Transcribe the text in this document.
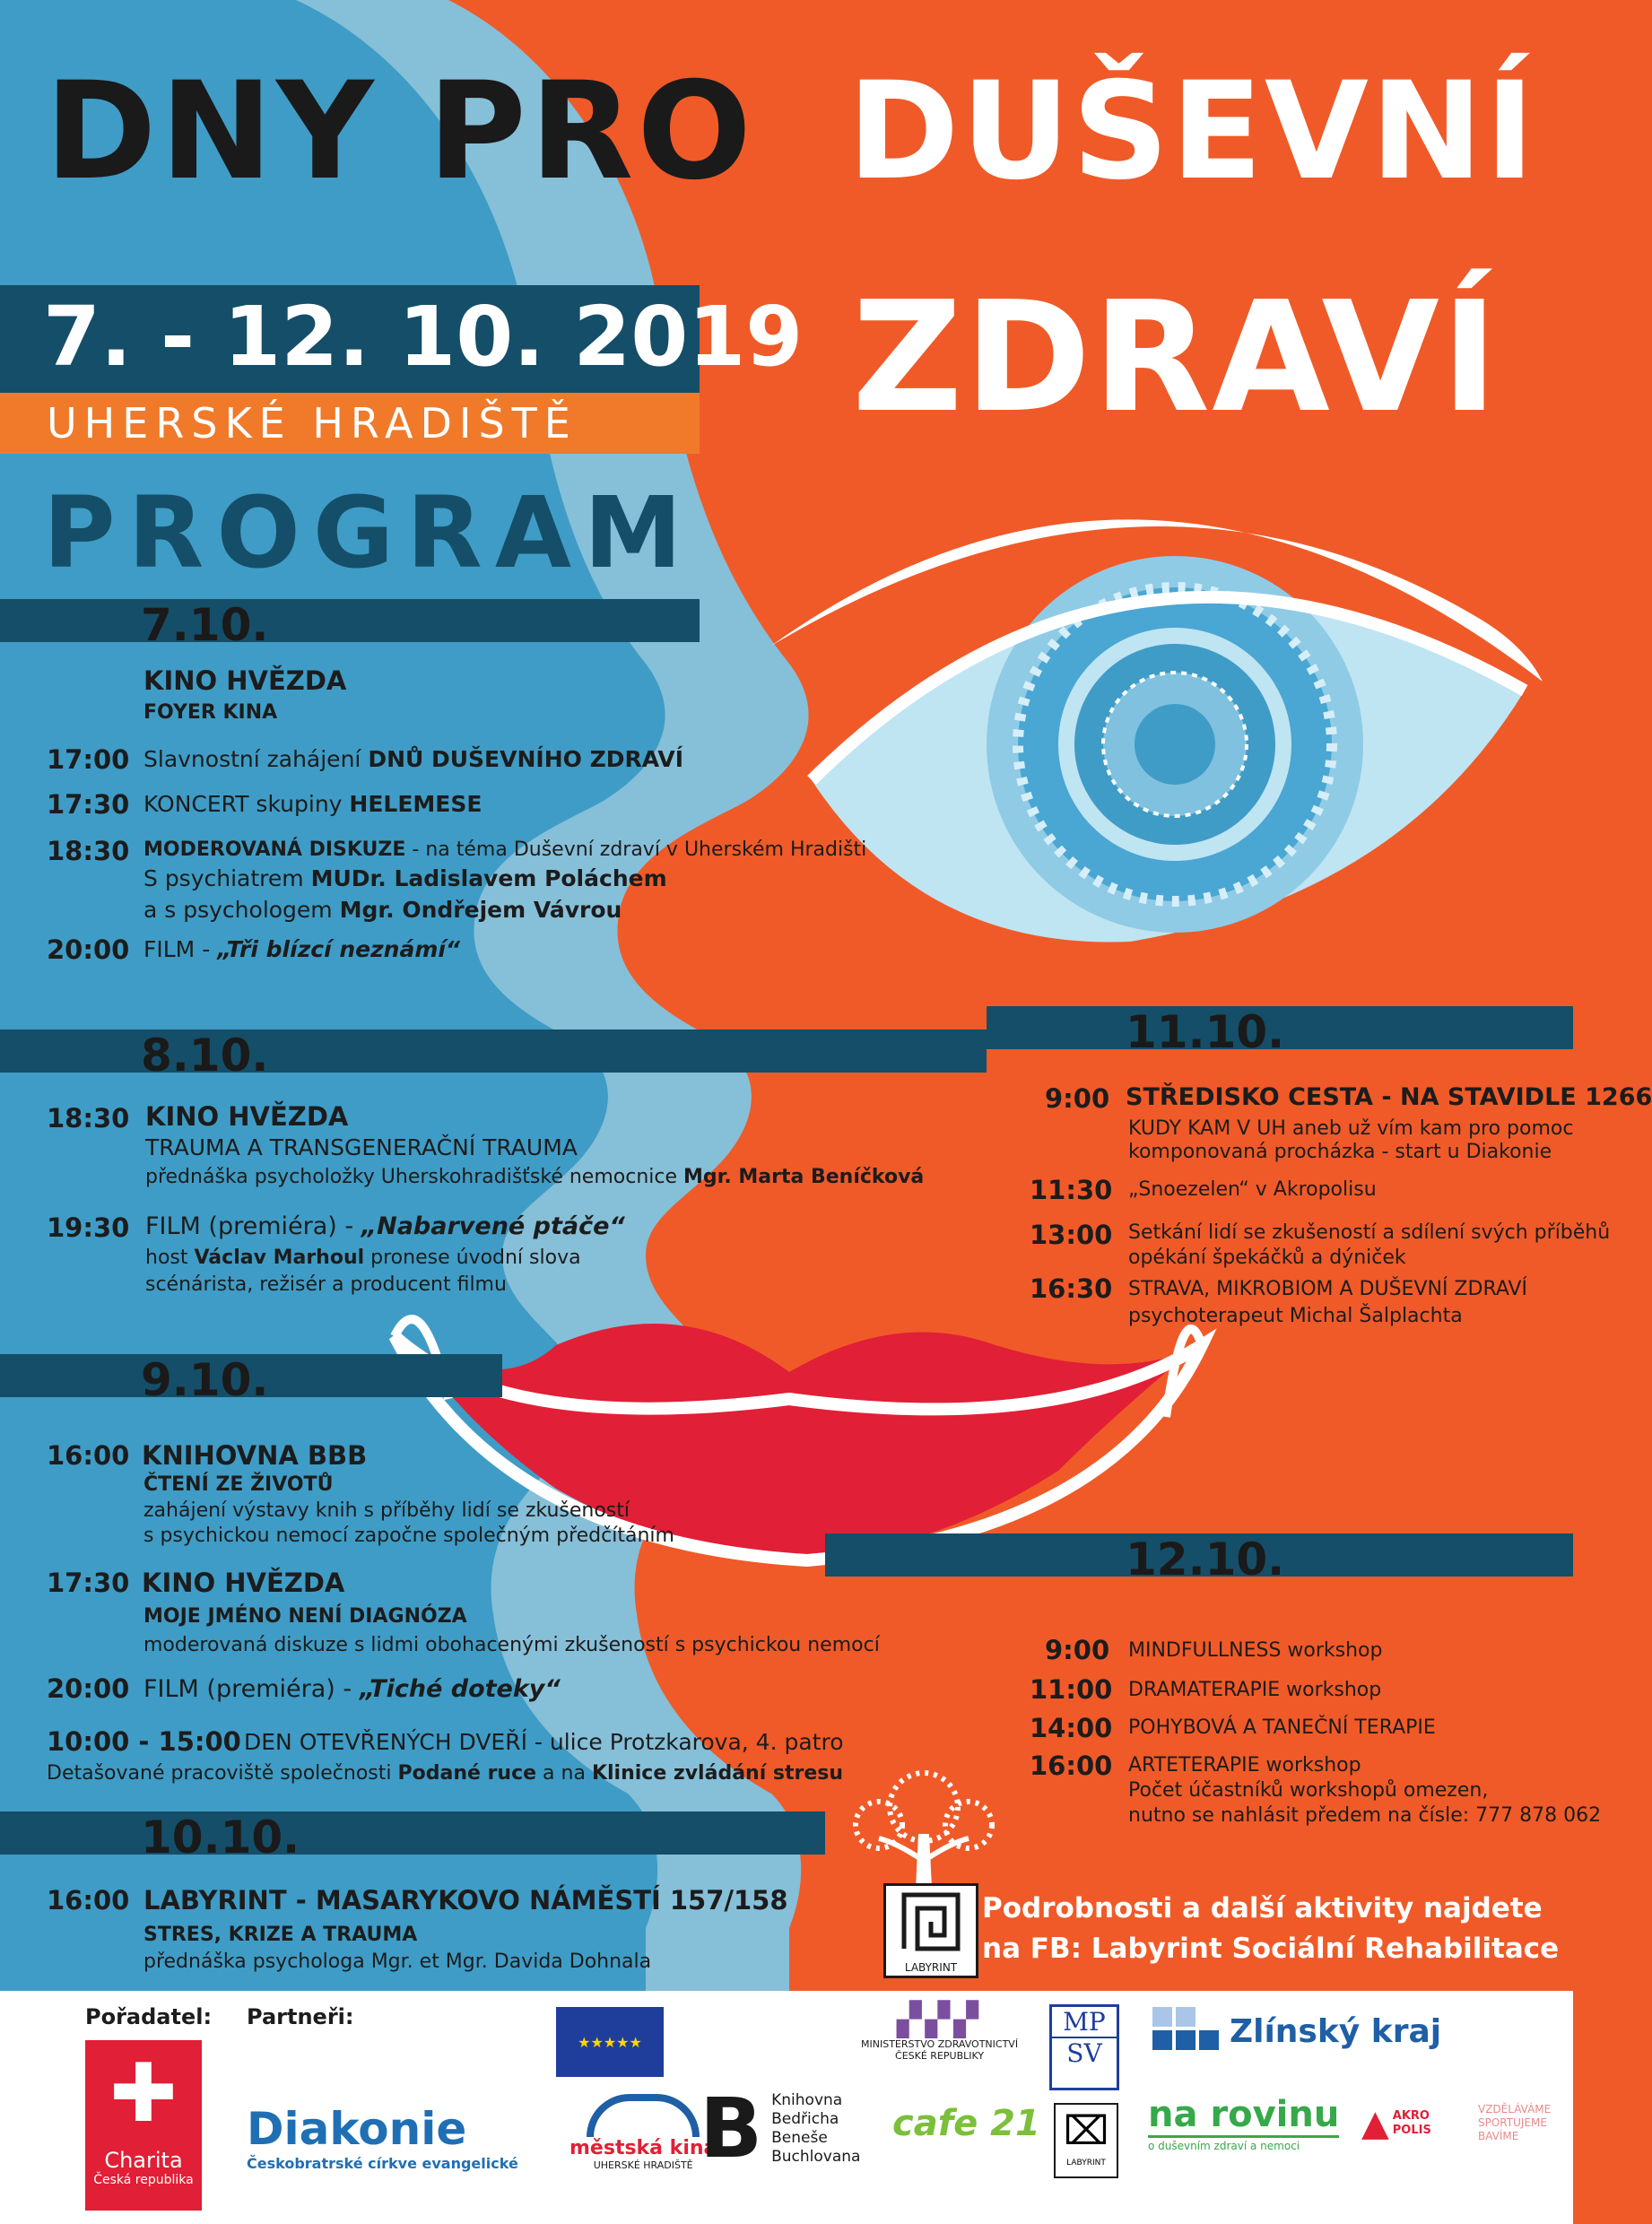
DNY PRO DUŠEVNÍ
ZDRAVÍ
7. - 12. 10. 2019
UHERSKÉ HRADIŠTĚ
PROGRAM
7.10.
KINO HVĚZDA
FOYER KINA
17:00 Slavnostní zahájení DNŮ DUŠEVNÍHO ZDRAVÍ
17:30 KONCERT skupiny HELEMESE
18:30 MODEROVANÁ DISKUZE - na téma Duševní zdraví v Uherském Hradišti
S psychiatrem MUDr. Ladislavem Poláchem
a s psychologem Mgr. Ondřejem Vávrou
20:00 FILM - „Tři blízcí neznámí“
8.10.
18:30 KINO HVĚZDA
TRAUMA A TRANSGENERAČNÍ TRAUMA
přednáška psycholožky Uherskohradišťské nemocnice Mgr. Marta Beníčková
19:30 FILM (premiéra) - „Nabarvené ptáče“
host Václav Marhoul pronese úvodní slova
scénárista, režisér a producent filmu
9.10.
16:00 KNIHOVNA BBB
ČTENÍ ZE ŽIVOTŮ
zahájení výstavy knih s příběhy lidí se zkušeností
s psychickou nemocí započne společným předčítáním
17:30 KINO HVĚZDA
MOJE JMÉNO NENÍ DIAGNÓZA
moderovaná diskuze s lidmi obohacenými zkušeností s psychickou nemocí
20:00 FILM (premiéra) - „Tiché doteky“
10:00 - 15:00 DEN OTEVŘENÝCH DVEŘÍ - ulice Protzkarova, 4. patro
Detašované pracoviště společnosti Podané ruce a na Klinice zvládání stresu
10.10.
16:00 LABYRINT - MASARYKOVO NÁMĚSTÍ 157/158
STRES, KRIZE A TRAUMA
přednáška psychologa Mgr. et Mgr. Davida Dohnala
11.10.
9:00 STŘEDISKO CESTA - NA STAVIDLE 1266
KUDY KAM V UH aneb už vím kam pro pomoc
komponovaná procházka - start u Diakonie
11:30 „Snoezelen“ v Akropolisu
13:00 Setkání lidí se zkušeností a sdílení svých příběhů
opékání špekáčků a dýniček
16:30 STRAVA, MIKROBIOM A DUŠEVNÍ ZDRAVÍ
psychoterapeut Michal Šalplachta
12.10.
9:00 MINDFULLNESS workshop
11:00 DRAMATERAPIE workshop
14:00 POHYBOVÁ A TANEČNÍ TERAPIE
16:00 ARTETERAPIE workshop
Počet účastníků workshopů omezen,
nutno se nahlásit předem na čísle: 777 878 062
LABYRINT
Podrobnosti a další aktivity najdete
na FB: Labyrint Sociální Rehabilitace
Pořadatel: Partneři:
✚
Charita
Česká republika
★★★★★
Diakonie
Českobratrské církve evangelické
městská kina
UHERSKÉ HRADIŠTĚ B Knihovna
Bedřicha
Beneše
Buchlovana
▞▞▞
MINISTERSTVO ZDRAVOTNICTVÍ
ČESKÉ REPUBLIKY
cafe 21
MP
SV
⌧
LABYRINT
Zlínský kraj
na rovinu
o duševním zdraví a nemoci
▲ AKRO
POLIS
VZDĚLÁVÁME
SPORTUJEME
BAVÍME
